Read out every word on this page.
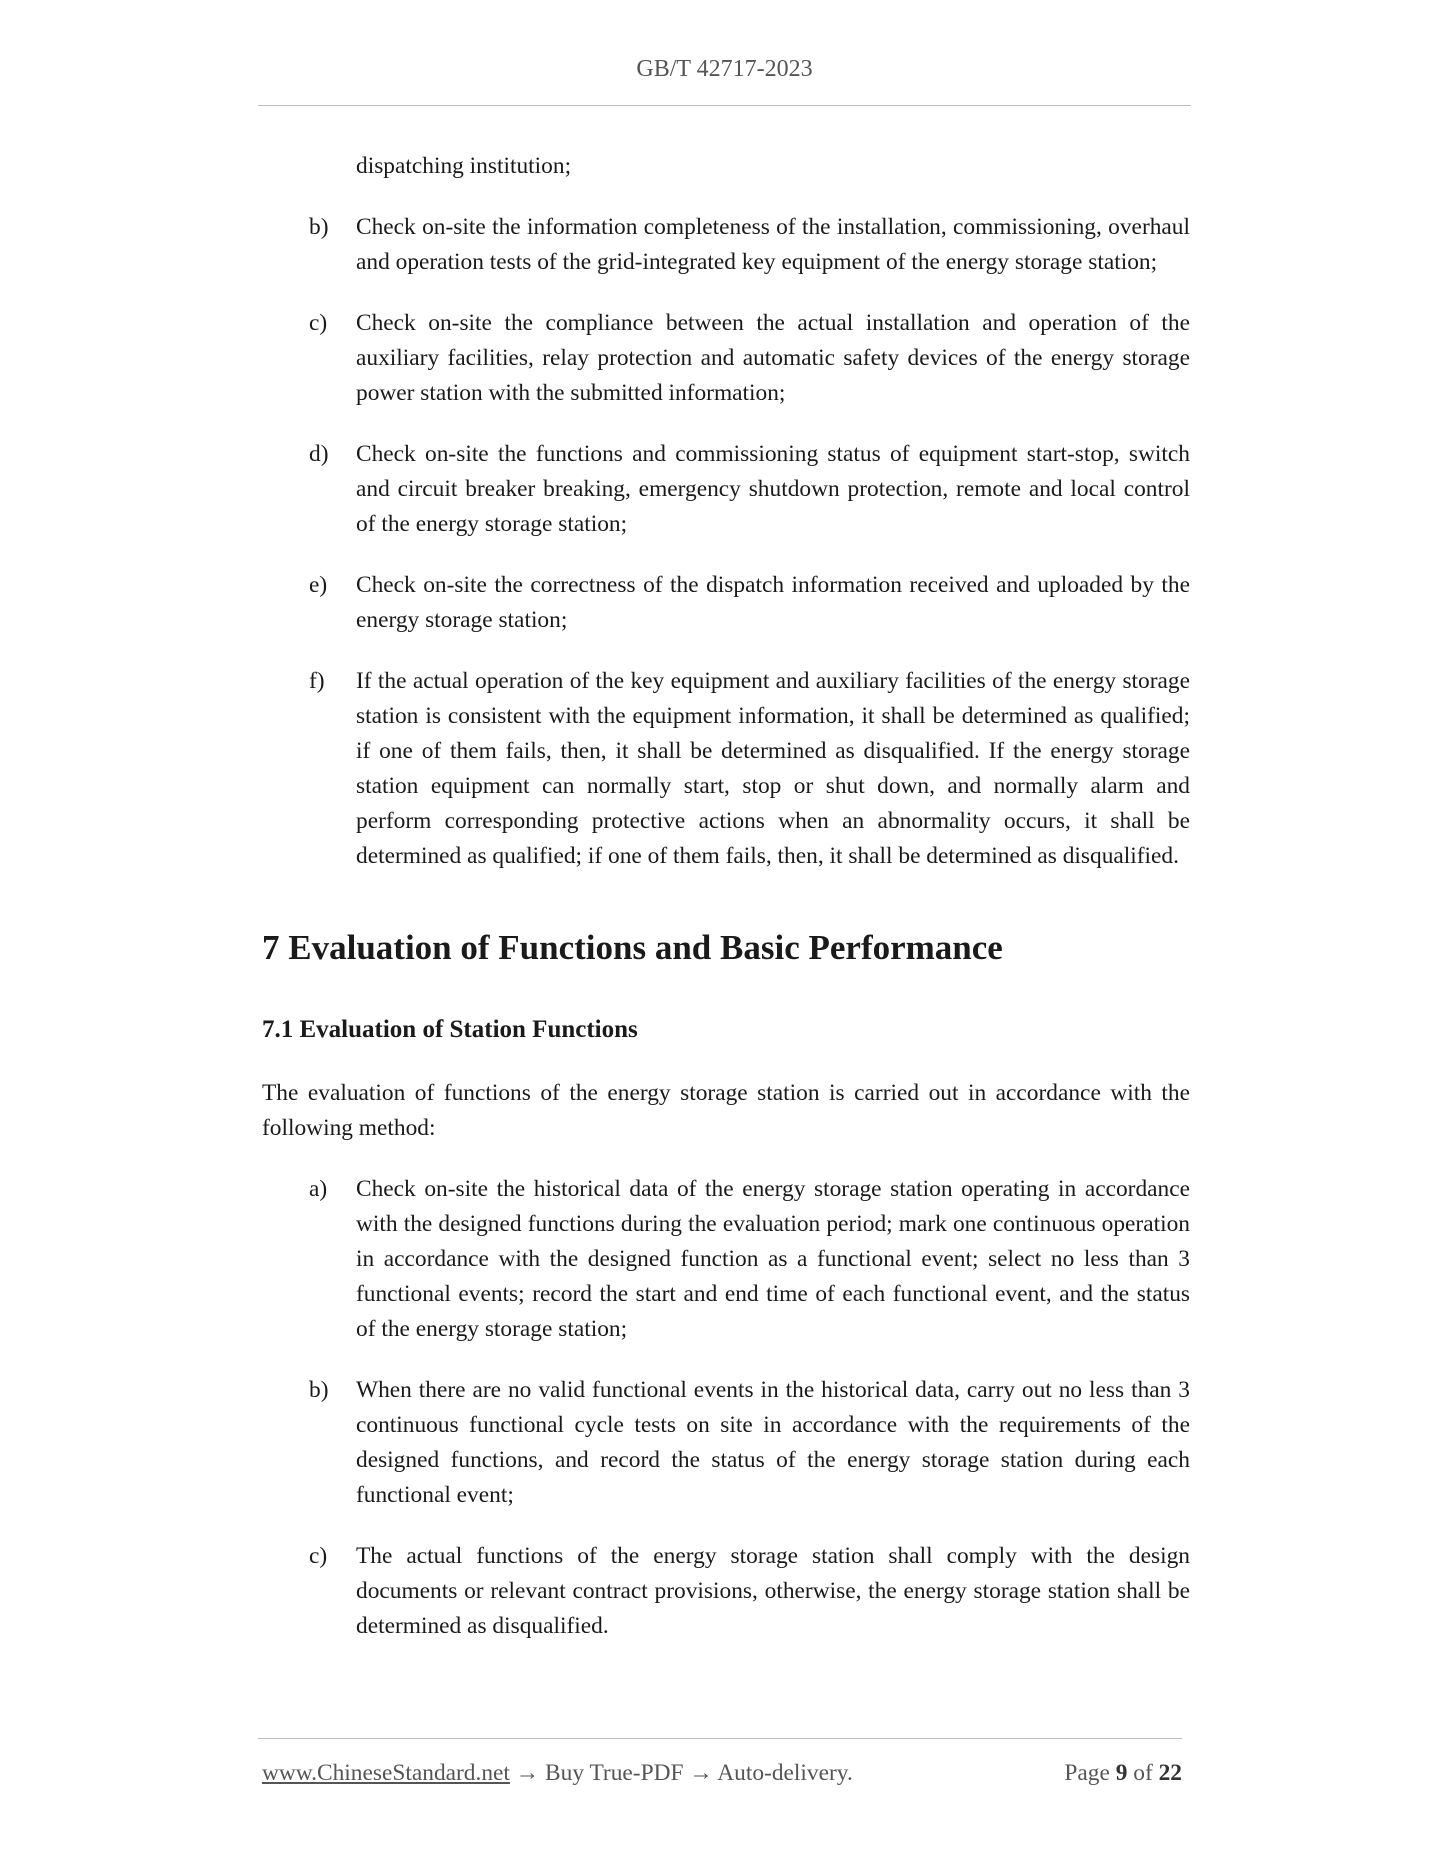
GB/T 42717-2023

dispatching institution;

b) Check on-site the information completeness of the installation, commissioning, overhaul and operation tests of the grid-integrated key equipment of the energy storage station;

c) Check on-site the compliance between the actual installation and operation of the auxiliary facilities, relay protection and automatic safety devices of the energy storage power station with the submitted information;

d) Check on-site the functions and commissioning status of equipment start-stop, switch and circuit breaker breaking, emergency shutdown protection, remote and local control of the energy storage station;

e) Check on-site the correctness of the dispatch information received and uploaded by the energy storage station;

f) If the actual operation of the key equipment and auxiliary facilities of the energy storage station is consistent with the equipment information, it shall be determined as qualified; if one of them fails, then, it shall be determined as disqualified. If the energy storage station equipment can normally start, stop or shut down, and normally alarm and perform corresponding protective actions when an abnormality occurs, it shall be determined as qualified; if one of them fails, then, it shall be determined as disqualified.

7 Evaluation of Functions and Basic Performance
7.1 Evaluation of Station Functions

The evaluation of functions of the energy storage station is carried out in accordance with the following method:

a) Check on-site the historical data of the energy storage station operating in accordance with the designed functions during the evaluation period; mark one continuous operation in accordance with the designed function as a functional event; select no less than 3 functional events; record the start and end time of each functional event, and the status of the energy storage station;

b) When there are no valid functional events in the historical data, carry out no less than 3 continuous functional cycle tests on site in accordance with the requirements of the designed functions, and record the status of the energy storage station during each functional event;

c) The actual functions of the energy storage station shall comply with the design documents or relevant contract provisions, otherwise, the energy storage station shall be determined as disqualified.

www.ChineseStandard.net → Buy True-PDF → Auto-delivery.	Page 9 of 22
